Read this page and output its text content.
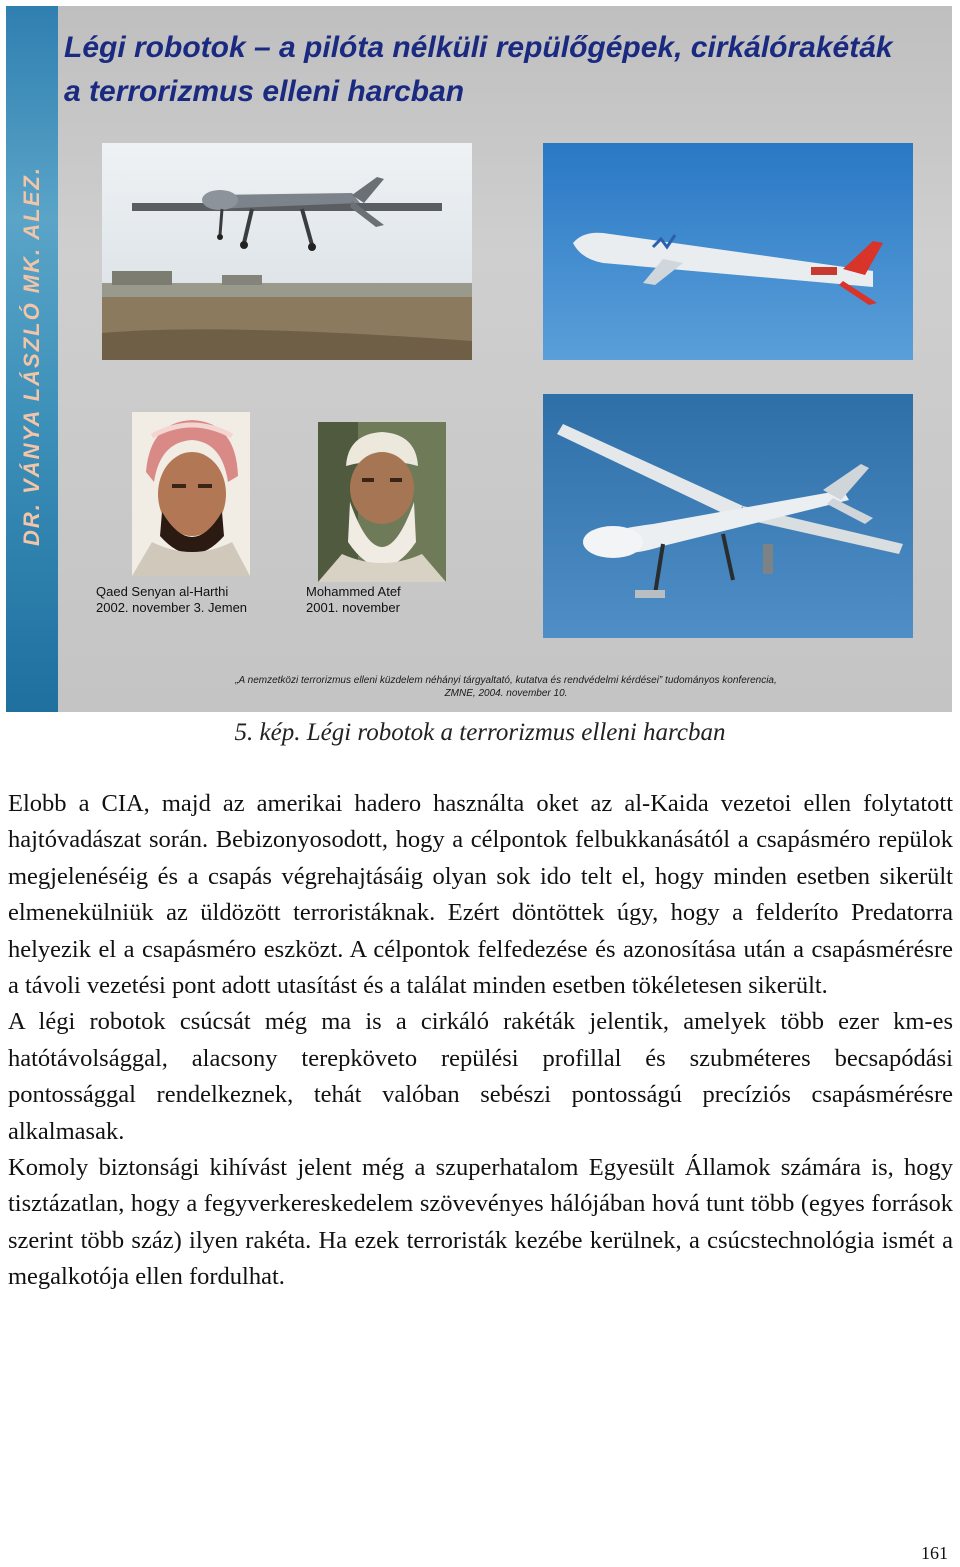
DR. VÁNYA LÁSZLÓ MK. ALEZ.
Légi robotok – a pilóta nélküli repülőgépek, cirkálórakéták
a terrorizmus elleni harcban
Qaed Senyan al-Harthi
2002. november 3. Jemen
Mohammed Atef
2001. november
„A nemzetközi terrorizmus elleni küzdelem néhányi tárgyaltató, kutatva és rendvédelmi kérdései” tudományos konferencia,
ZMNE, 2004. november 10.
5. kép. Légi robotok a terrorizmus elleni harcban

Elobb a CIA, majd az amerikai hadero használta oket az al-Kaida vezetoi ellen folytatott hajtóvadászat során. Bebizonyosodott, hogy a célpontok felbukkanásától a csapásméro repülok megjelenéséig és a csapás végrehajtásáig olyan sok ido telt el, hogy minden esetben sikerült elmenekülniük az üldözött terroristáknak. Ezért döntöttek úgy, hogy a felderíto Predatorra helyezik el a csapásméro eszközt. A célpontok felfedezése és azonosítása után a csapásmérésre a távoli vezetési pont adott utasítást és a találat minden esetben tökéletesen sikerült.

A légi robotok csúcsát még ma is a cirkáló rakéták jelentik, amelyek több ezer km-es hatótávolsággal, alacsony terepköveto repülési profillal és szubméteres becsapódási pontossággal rendelkeznek, tehát valóban sebészi pontosságú precíziós csapásmérésre alkalmasak.

Komoly biztonsági kihívást jelent még a szuperhatalom Egyesült Államok számára is, hogy tisztázatlan, hogy a fegyverkereskedelem szövevényes hálójában hová tunt több (egyes források szerint több száz) ilyen rakéta. Ha ezek terroristák kezébe kerülnek, a csúcstechnológia ismét a megalkotója ellen fordulhat.

161
